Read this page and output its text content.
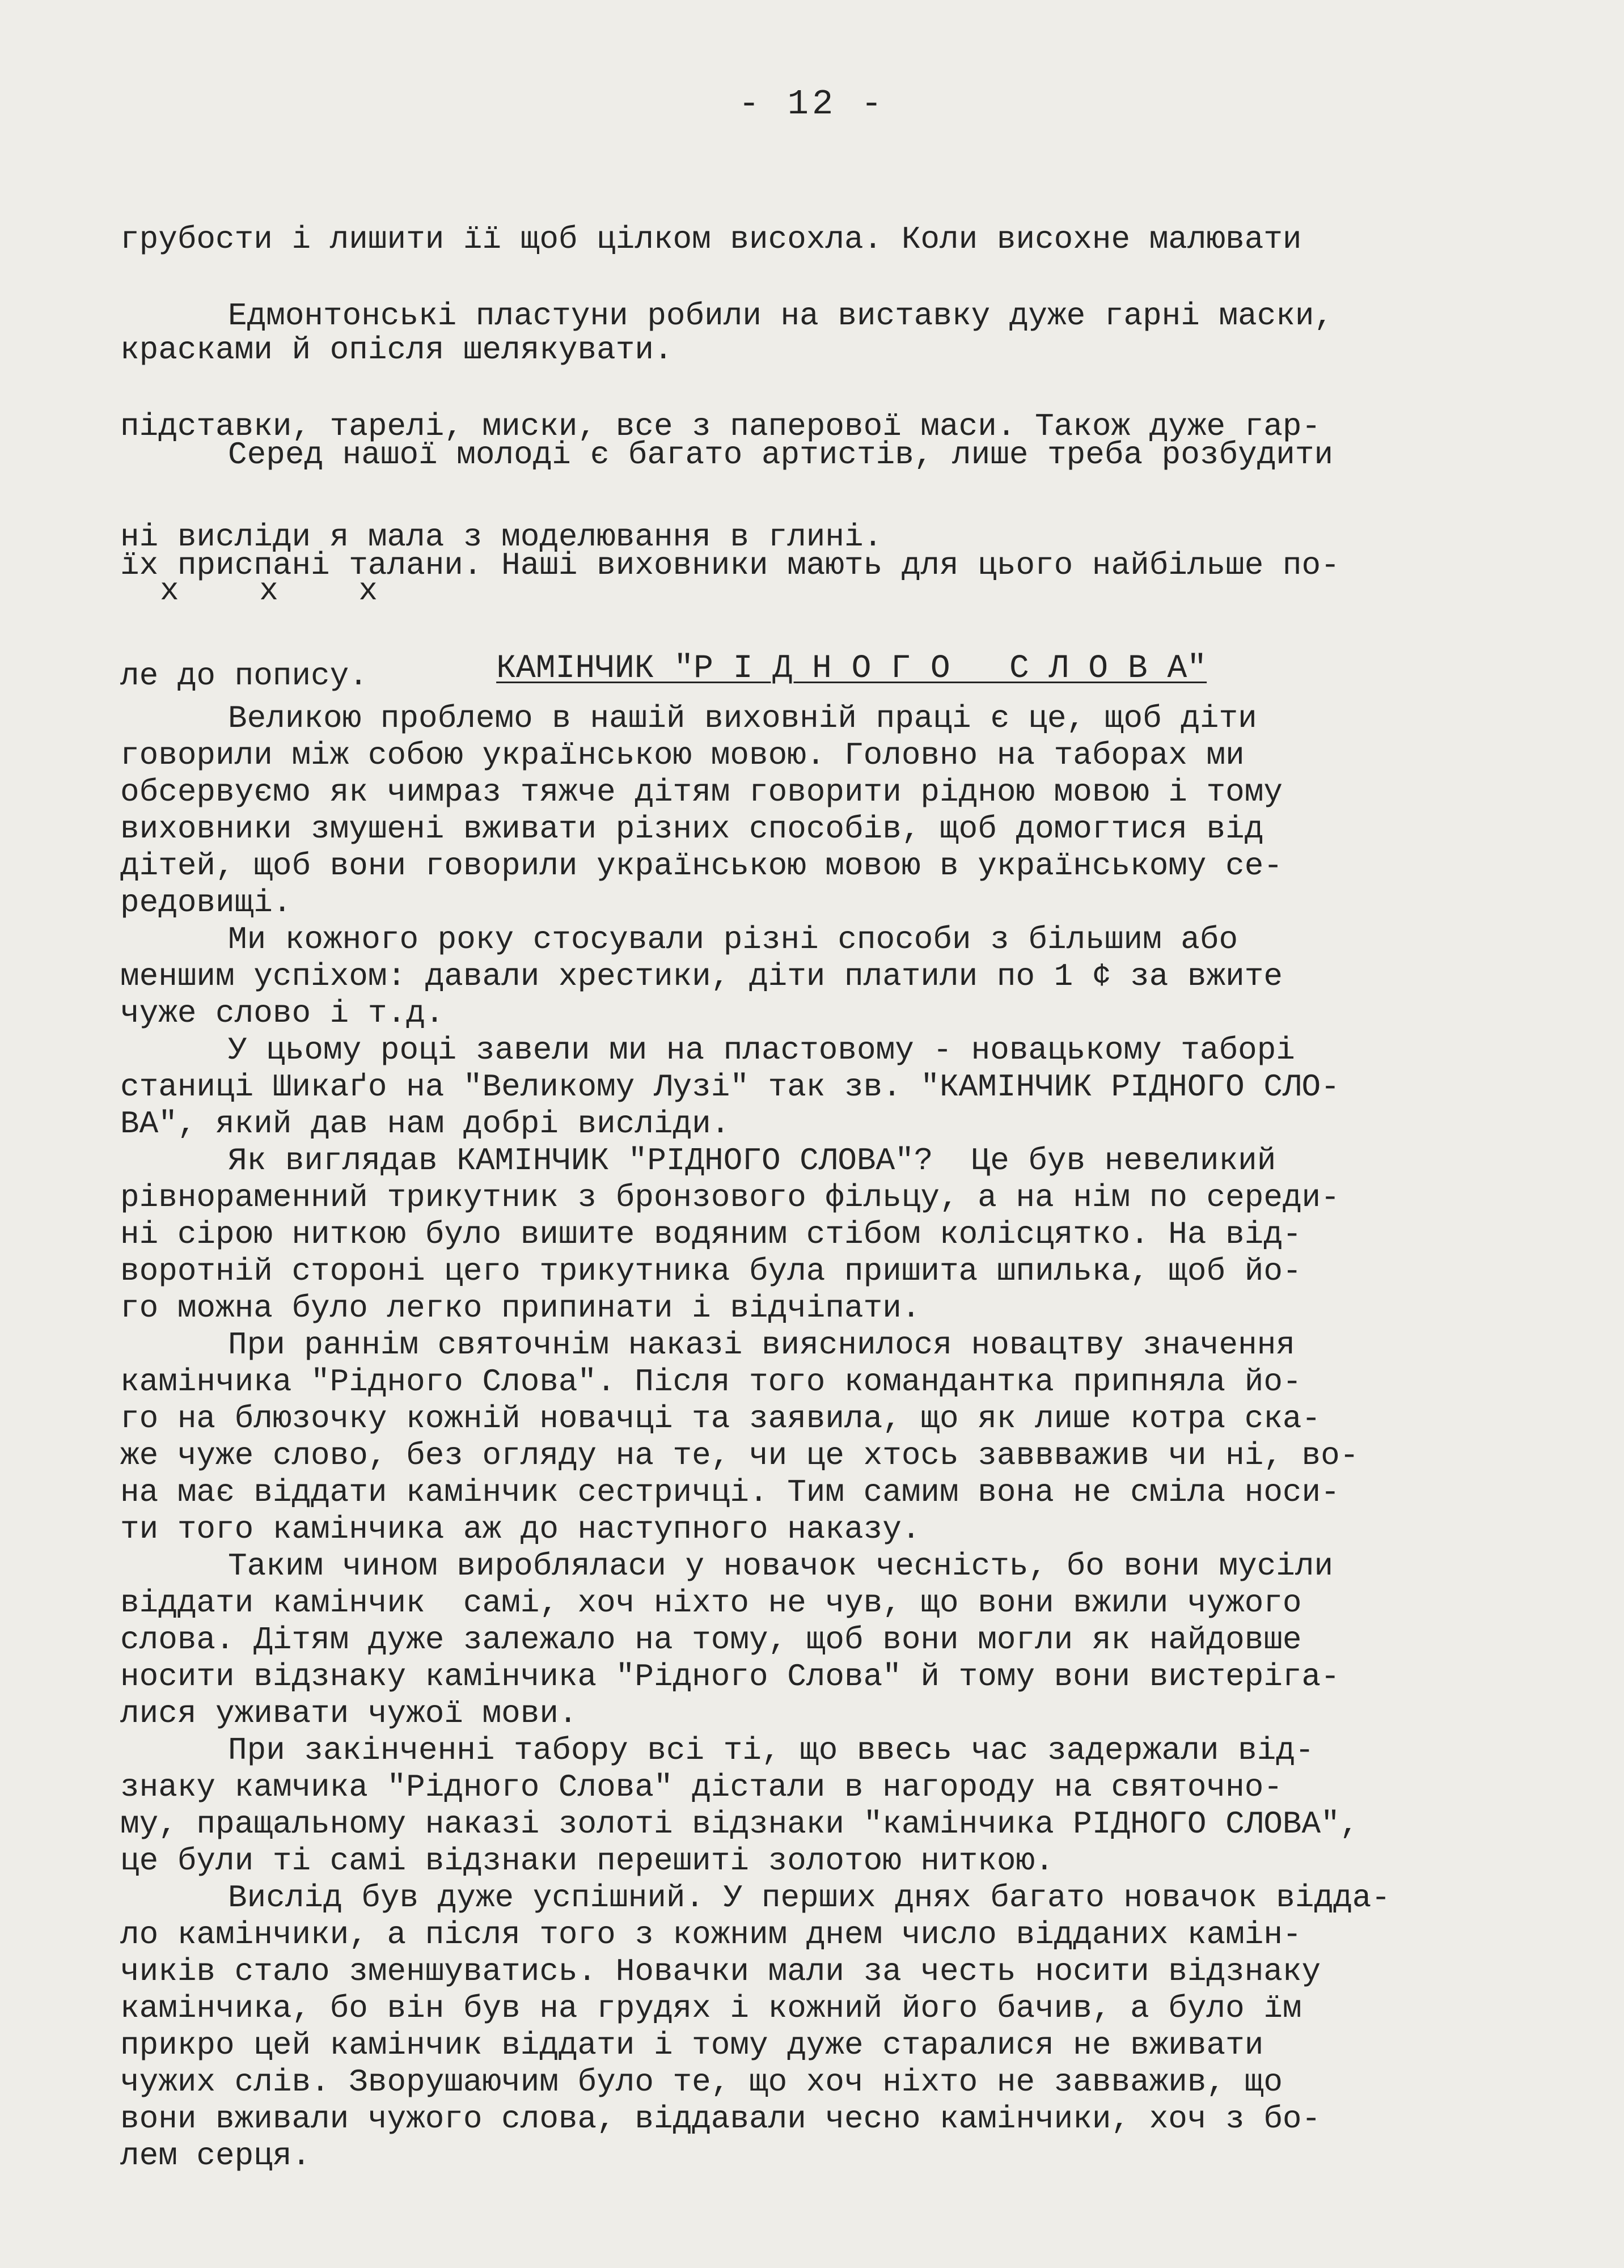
- 12 -

грубости і лишити її щоб цілком висохла. Коли висохне малювати

красками й опісля шелякувати.

Едмонтонські пластуни робили на виставку дуже гарні маски,

підставки, тарелі, миски, все з паперової маси. Також дуже гар-

ні висліди я мала з моделювання в глині.

Серед нашої молоді є багато артистів, лише треба розбудити

їх приспані талани. Наші виховники мають для цього найбільше по-

ле до попису.

x x x

КАМІНЧИК "Р І Д Н О Г О   С Л О В А"

Великою проблемо в нашій виховній праці є це, щоб діти
говорили між собою українською мовою. Головно на таборах ми
обсервуємо як чимраз тяжче дітям говорити рідною мовою і тому
виховники змушені вживати різних способів, щоб домогтися від
дітей, щоб вони говорили українською мовою в українському се-
редовищі.
Ми кожного року стосували різні способи з більшим або
меншим успіхом: давали хрестики, діти платили по 1 ¢ за вжите
чуже слово і т.д.
У цьому році завели ми на пластовому - новацькому таборі
станиці Шикаґо на "Великому Лузі" так зв. "КАМІНЧИК РІДНОГО СЛО-
ВА", який дав нам добрі висліди.
Як виглядав КАМІНЧИК "РІДНОГО СЛОВА"?  Це був невеликий
рівнораменний трикутник з бронзового фільцу, а на нім по середи-
ні сірою ниткою було вишите водяним стібом колісцятко. На від-
воротній стороні цего трикутника була пришита шпилька, щоб йо-
го можна було легко припинати і відчіпати.
При раннім святочнім наказі вияснилося новацтву значення
камінчика "Рідного Слова". Після того командантка припняла йо-
го на блюзочку кожній новачці та заявила, що як лише котра ска-
же чуже слово, без огляду на те, чи це хтось заввважив чи ні, во-
на має віддати камінчик сестричці. Тим самим вона не сміла носи-
ти того камінчика аж до наступного наказу.
Таким чином виробляласи у новачок чесність, бо вони мусіли
віддати камінчик  самі, хоч ніхто не чув, що вони вжили чужого
слова. Дітям дуже залежало на тому, щоб вони могли як найдовше
носити відзнаку камінчика "Рідного Слова" й тому вони вистеріга-
лися уживати чужої мови.
При закінченні табору всі ті, що ввесь час задержали від-
знаку камчика "Рідного Слова" дістали в нагороду на святочно-
му, пращальному наказі золоті відзнаки "камінчика РІДНОГО СЛОВА",
це були ті самі відзнаки перешиті золотою ниткою.
Вислід був дуже успішний. У перших днях багато новачок віддa-
ло камінчики, а після того з кожним днем число відданих камін-
чиків стало зменшуватись. Новачки мали за честь носити відзнаку
камінчика, бо він був на грудях і кожний його бачив, а було їм
прикро цей камінчик віддати і тому дуже старалися не вживати
чужих слів. Зворушаючим було те, що хоч ніхто не завважив, що
вони вживали чужого слова, віддавали чесно камінчики, хоч з бо-
лем серця.
